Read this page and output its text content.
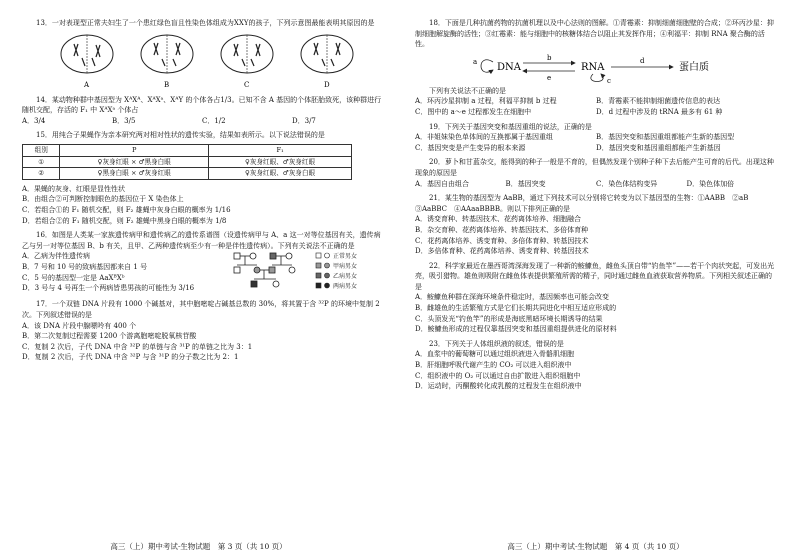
13．一对表现型正常夫妇生了一个患红绿色盲且性染色体组成为XXY的孩子，下列示意图最能表明其原因的是
A	B	C	D
14．某动物种群中基因型为 XᴬXᴬ、XᴬXᵃ、XᴬY 的个体各占1/3。已知不含 A 基因的个体胚胎致死，该种群进行随机交配，存活的 F₁ 中 XᴬXᵃ 个体占
A．3/4	B．3/5	C．1/2	D．3/7
15．用纯合子果蝇作为亲本研究两对相对性状的遗传实验，结果如表所示。以下说法错误的是
组别	P	F₁
①	♀灰身红眼 × ♂黑身白眼	♀灰身红眼、♂灰身红眼
②	♀黑身白眼 × ♂灰身红眼	♀灰身红眼、♂灰身白眼
A．果蝇的灰身、红眼是显性性状
B．由组合②可判断控制眼色的基因位于 X 染色体上
C．若组合①的 F₁ 随机交配，则 F₂ 雄蝇中灰身白眼的概率为 1/16
D．若组合②的 F₁ 随机交配，则 F₂ 雄蝇中黑身白眼的概率为 1/8
16．如图是人类某一家族遗传病甲和遗传病乙的遗传系谱图（设遗传病甲与 A、a 这一对等位基因有关，遗传病乙与另一对等位基因 B、b 有关，且甲、乙两种遗传病至少有一种是伴性遗传病）。下列有关说法不正确的是
A．乙病为伴性遗传病
B．7 号和 10 号的致病基因都来自 1 号
C．5 号的基因型一定是 AaXᴮXᵇ
D．3 号与 4 号再生一个两病皆患男孩的可能性为 3/16
正常男女
甲病男女
乙病男女
两病男女
17．一个双链 DNA 片段有 1000 个碱基对，其中胞嘧啶占碱基总数的 30%，将其置于含 ³²P 的环境中复制 2 次。下列叙述错误的是
A．该 DNA 片段中腺嘌呤有 400 个
B．第二次复制过程需要 1200 个游离胞嘧啶脱氧核苷酸
C．复制 2 次后，子代 DNA 中含 ³²P 的单链与含 ³¹P 的单链之比为 3：1
D．复制 2 次后，子代 DNA 中含 ³²P 与含 ³¹P 的分子数之比为 2：1
高三（上）期中考试·生物试题　第 3 页（共 10 页）
18．下面是几种抗菌药物的抗菌机理以及中心法则的图解。①青霉素：抑制细菌细胞壁的合成；②环丙沙星：抑制细胞解旋酶的活性；③红霉素：能与细胞中的核糖体结合以阻止其发挥作用；④利福平：抑制 RNA 聚合酶的活性。
a DNA
b
e
RNA
c
d
蛋白质
下列有关说法不正确的是
A．环丙沙星抑制 a 过程，利福平抑制 b 过程	B．青霉素不能抑制细菌遗传信息的表达
C．图中的 a～e 过程都发生在细胞中	D．d 过程中涉及的 tRNA 最多有 61 种
19．下列关于基因突变和基因重组的说法，正确的是
A．非姐妹染色单体间的互换都属于基因重组	B．基因突变和基因重组都能产生新的基因型
C．基因突变是产生变异的根本来源	D．基因突变和基因重组都能产生新基因
20．萝卜和甘蓝杂交，能得到的种子一般是不育的，但偶然发现个别种子种下去后能产生可育的后代。出现这种现象的原因是
A．基因自由组合	B．基因突变	C．染色体结构变异	D．染色体加倍
21．某生物的基因型为 AaBB，通过下列技术可以分别将它转变为以下基因型的生物：①AABB　②aB　③AaBBC　④AAaaBBBB。则以下排列正确的是
A．诱变育种、转基因技术、花药离体培养、细胞融合
B．杂交育种、花药离体培养、转基因技术、多倍体育种
C．花药离体培养、诱变育种、多倍体育种、转基因技术
D．多倍体育种、花药离体培养、诱变育种、转基因技术
22．科学家最近在墨西哥湾深海发现了一种新的鮟鱇鱼，雌鱼头顶自带“钓鱼竿”——若干个肉状突起，可发出光亮，吸引猎物。雄鱼则吸附在雌鱼体表提供繁殖所需的精子，同时通过雌鱼血液获取营养物质。下列相关叙述正确的是
A．鮟鱇鱼种群在深海环境条件稳定时，基因频率也可能会改变
B．雌雄鱼的生活繁殖方式是它们长期共同进化中相互适应形成的
C．头顶发光“钓鱼竿”的形成是海底黑暗环境长期诱导的结果
D．鮟鱇鱼形成的过程仅靠基因突变和基因重组提供进化的原材料
23．下列关于人体组织液的叙述，错误的是
A．血浆中的葡萄糖可以通过组织液进入骨骼肌细胞
B．肝细胞呼吸代谢产生的 CO₂ 可以进入组织液中
C．组织液中的 O₂ 可以通过自由扩散进入组织细胞中
D．运动时，丙酮酸转化成乳酸的过程发生在组织液中
高三（上）期中考试·生物试题　第 4 页（共 10 页）
